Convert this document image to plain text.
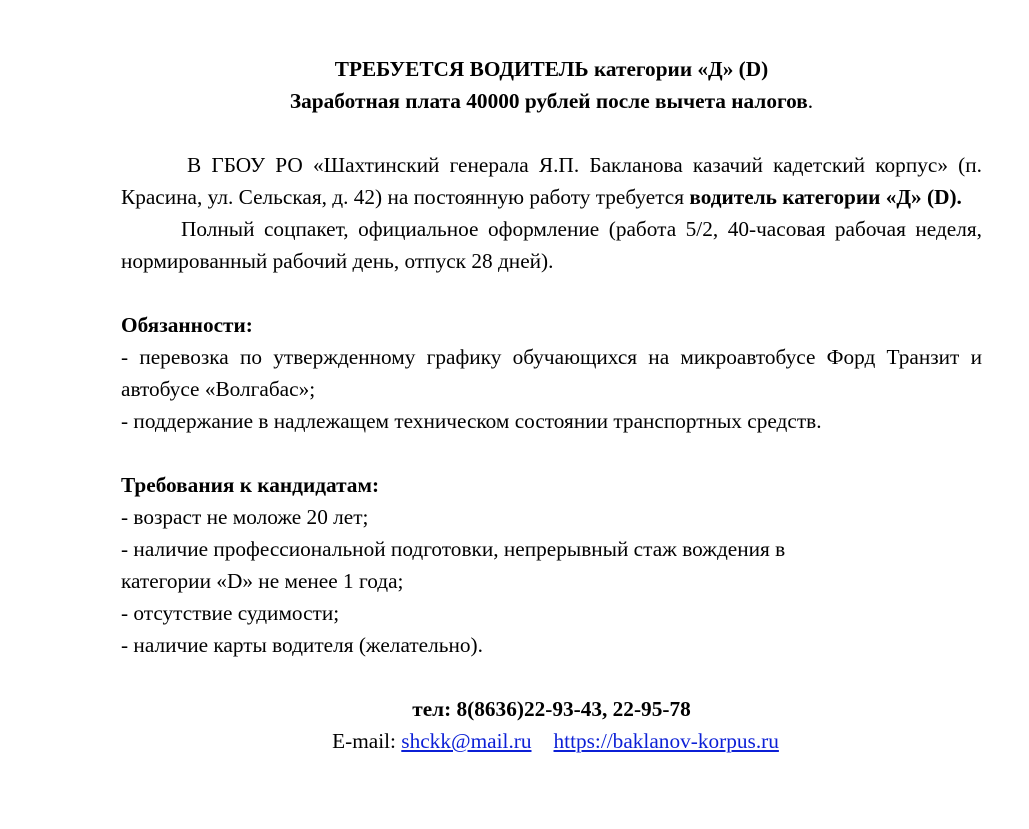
ТРЕБУЕТСЯ ВОДИТЕЛЬ категории «Д» (D)

Заработная плата 40000 рублей после вычета налогов.

В ГБОУ РО «Шахтинский генерала Я.П. Бакланова казачий кадетский корпус» (п. Красина, ул. Сельская, д. 42) на постоянную работу требуется водитель категории «Д» (D).

Полный соцпакет, официальное оформление (работа 5/2, 40-часовая рабочая неделя, нормированный рабочий день, отпуск 28 дней).

Обязанности:

- перевозка по утвержденному графику обучающихся на микроавтобусе Форд Транзит и автобусе «Волгабас»;

- поддержание в надлежащем техническом состоянии транспортных средств.

Требования к кандидатам:

- возраст не моложе 20 лет;

- наличие профессиональной подготовки, непрерывный стаж вождения в

категории «D» не менее 1 года;

- отсутствие судимости;

- наличие карты водителя (желательно).

тел: 8(8636)22-93-43, 22-95-78

E-mail: shckk@mail.ru https://baklanov-korpus.ru
